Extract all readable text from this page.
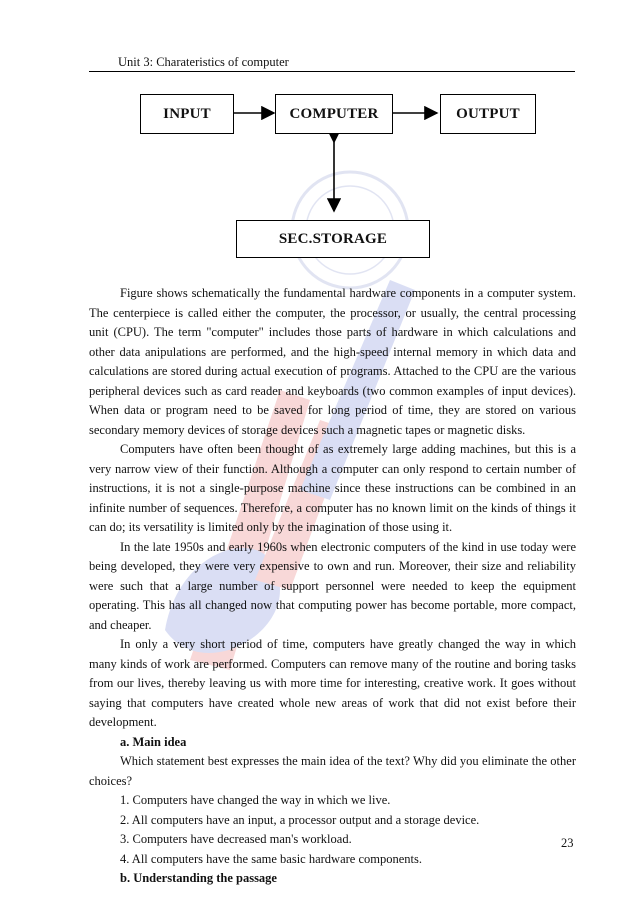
Unit 3: Charateristics of computer
INPUT	COMPUTER	OUTPUT
SEC.STORAGE

Figure shows schematically the fundamental hardware components in a computer system. The centerpiece is called either the computer, the processor, or usually, the central processing unit (CPU). The term "computer" includes those parts of hardware in which calculations and other data anipulations are performed, and the high-speed internal memory in which data and calculations are stored during actual execution of programs. Attached to the CPU are the various peripheral devices such as card reader and keyboards (two common examples of input devices). When data or program need to be saved for long period of time, they are stored on various secondary memory devices of storage devices such a magnetic tapes or magnetic disks.

Computers have often been thought of as extremely large adding machines, but this is a very narrow view of their function. Although a computer can only respond to certain number of instructions, it is not a single-purpose machine since these instructions can be combined in an infinite number of sequences. Therefore, a computer has no known limit on the kinds of things it can do; its versatility is limited only by the imagination of those using it.

In the late 1950s and early 1960s when electronic computers of the kind in use today were being developed, they were very expensive to own and run. Moreover, their size and reliability were such that a large number of support personnel were needed to keep the equipment operating. This has all changed now that computing power has become portable, more compact, and cheaper.

In only a very short period of time, computers have greatly changed the way in which many kinds of work are performed. Computers can remove many of the routine and boring tasks from our lives, thereby leaving us with more time for interesting, creative work. It goes without saying that computers have created whole new areas of work that did not exist before their development.

a. Main idea

Which statement best expresses the main idea of the text? Why did you eliminate the other choices?

1. Computers have changed the way in which we live.

2. All computers have an input, a processor output and a storage device.

3. Computers have decreased man's workload.

4. All computers have the same basic hardware components.

b. Understanding the passage

23
